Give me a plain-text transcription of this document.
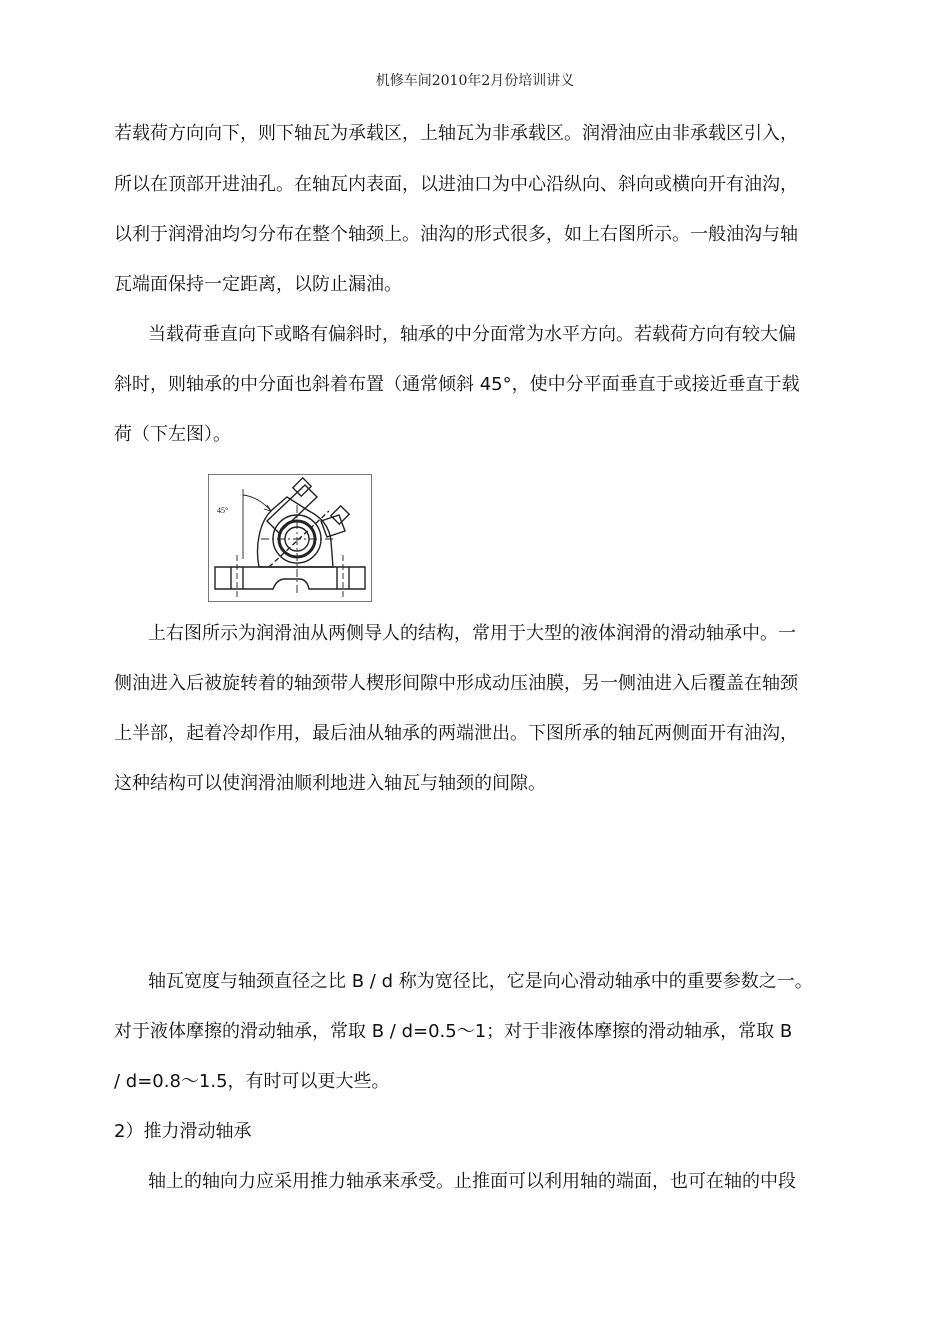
机修车间2010年2月份培训讲义
若载荷方向向下，则下轴瓦为承载区，上轴瓦为非承载区。润滑油应由非承载区引入，
所以在顶部开进油孔。在轴瓦内表面，以进油口为中心沿纵向、斜向或横向开有油沟，
以利于润滑油均匀分布在整个轴颈上。油沟的形式很多，如上右图所示。一般油沟与轴
瓦端面保持一定距离，以防止漏油。
当载荷垂直向下或略有偏斜时，轴承的中分面常为水平方向。若载荷方向有较大偏
斜时，则轴承的中分面也斜着布置（通常倾斜 45°，使中分平面垂直于或接近垂直于载
荷（下左图）。
45°
上右图所示为润滑油从两侧导人的结构，常用于大型的液体润滑的滑动轴承中。一
侧油进入后被旋转着的轴颈带人楔形间隙中形成动压油膜，另一侧油进入后覆盖在轴颈
上半部，起着冷却作用，最后油从轴承的两端泄出。下图所承的轴瓦两侧面开有油沟，
这种结构可以使润滑油顺利地进入轴瓦与轴颈的间隙。
轴瓦宽度与轴颈直径之比 B / d 称为宽径比，它是向心滑动轴承中的重要参数之一。
对于液体摩擦的滑动轴承，常取 B / d=0.5～1；对于非液体摩擦的滑动轴承，常取 B
/ d=0.8～1.5，有时可以更大些。
2）推力滑动轴承
轴上的轴向力应采用推力轴承来承受。止推面可以利用轴的端面，也可在轴的中段
